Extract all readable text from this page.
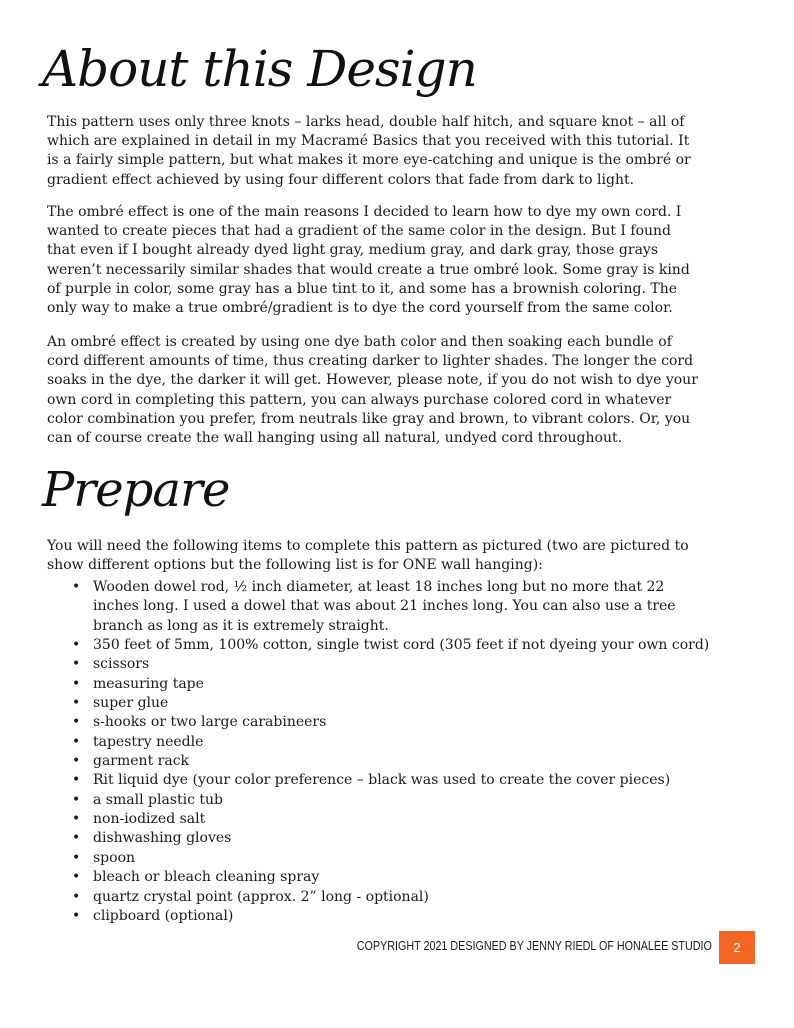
About this Design
This pattern uses only three knots – larks head, double half hitch, and square knot – all of
which are explained in detail in my Macramé Basics that you received with this tutorial. It
is a fairly simple pattern, but what makes it more eye-catching and unique is the ombré or
gradient effect achieved by using four different colors that fade from dark to light.
The ombré effect is one of the main reasons I decided to learn how to dye my own cord. I
wanted to create pieces that had a gradient of the same color in the design. But I found
that even if I bought already dyed light gray, medium gray, and dark gray, those grays
weren’t necessarily similar shades that would create a true ombré look. Some gray is kind
of purple in color, some gray has a blue tint to it, and some has a brownish coloring. The
only way to make a true ombré/gradient is to dye the cord yourself from the same color.
An ombré effect is created by using one dye bath color and then soaking each bundle of
cord different amounts of time, thus creating darker to lighter shades. The longer the cord
soaks in the dye, the darker it will get. However, please note, if you do not wish to dye your
own cord in completing this pattern, you can always purchase colored cord in whatever
color combination you prefer, from neutrals like gray and brown, to vibrant colors. Or, you
can of course create the wall hanging using all natural, undyed cord throughout.
Prepare
You will need the following items to complete this pattern as pictured (two are pictured to
show different options but the following list is for ONE wall hanging):
• Wooden dowel rod, ½ inch diameter, at least 18 inches long but no more that 22
inches long. I used a dowel that was about 21 inches long. You can also use a tree
branch as long as it is extremely straight.
• 350 feet of 5mm, 100% cotton, single twist cord (305 feet if not dyeing your own cord)
• scissors
• measuring tape
• super glue
• s-hooks or two large carabineers
• tapestry needle
• garment rack
• Rit liquid dye (your color preference – black was used to create the cover pieces)
• a small plastic tub
• non-iodized salt
• dishwashing gloves
• spoon
• bleach or bleach cleaning spray
• quartz crystal point (approx. 2” long - optional)
• clipboard (optional)
COPYRIGHT 2021 DESIGNED BY JENNY RIEDL OF HONALEE STUDIO	2
